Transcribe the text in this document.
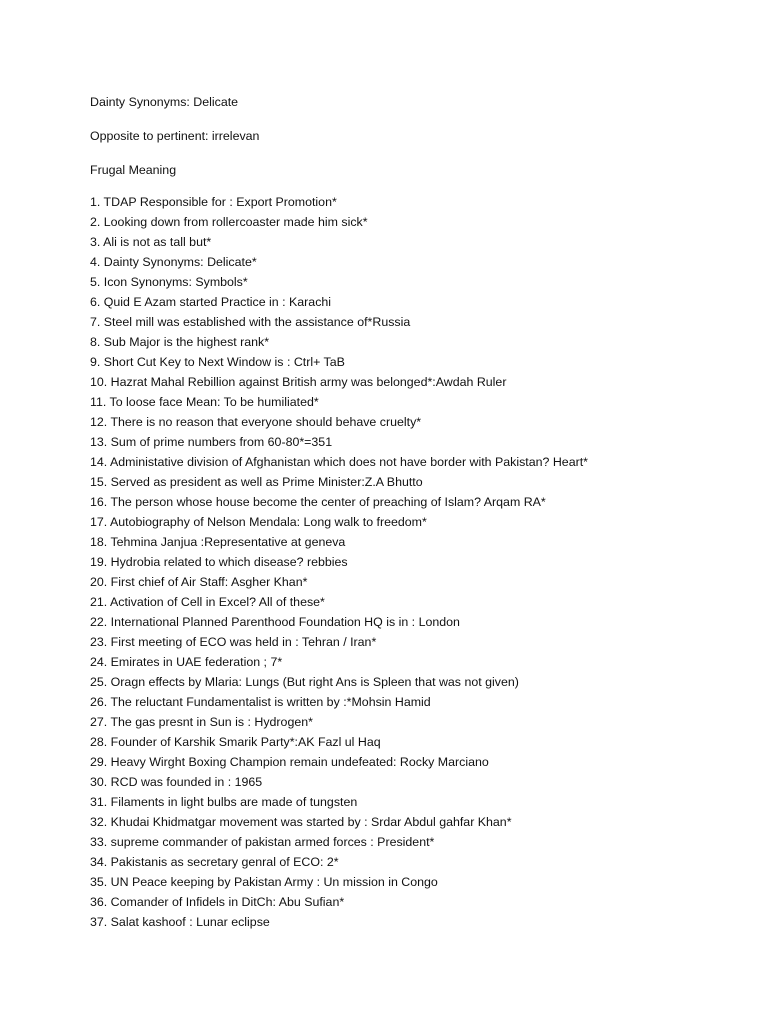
Dainty Synonyms: Delicate

Opposite to pertinent: irrelevan

Frugal Meaning

1. TDAP Responsible for : Export Promotion*
2. Looking down from rollercoaster made him sick*
3. Ali is not as tall but*
4. Dainty Synonyms: Delicate*
5. Icon Synonyms: Symbols*
6. Quid E Azam started Practice in : Karachi
7. Steel mill was established with the assistance of*Russia
8. Sub Major is the highest rank*
9. Short Cut Key to Next Window is : Ctrl+ TaB
10. Hazrat Mahal Rebillion against British army was belonged*:Awdah Ruler
11. To loose face Mean: To be humiliated*
12. There is no reason that everyone should behave cruelty*
13. Sum of prime numbers from 60-80*=351
14. Administative division of Afghanistan which does not have border with Pakistan? Heart*
15. Served as president as well as Prime Minister:Z.A Bhutto
16. The person whose house become the center of preaching of Islam? Arqam RA*
17. Autobiography of Nelson Mendala: Long walk to freedom*
18. Tehmina Janjua :Representative at geneva
19. Hydrobia related to which disease? rebbies
20. First chief of Air Staff: Asgher Khan*
21. Activation of Cell in Excel? All of these*
22. International Planned Parenthood Foundation HQ is in : London
23. First meeting of ECO was held in : Tehran / Iran*
24. Emirates in UAE federation ; 7*
25. Oragn effects by Mlaria: Lungs (But right Ans is Spleen that was not given)
26. The reluctant Fundamentalist is written by :*Mohsin Hamid
27. The gas presnt in Sun is : Hydrogen*
28. Founder of Karshik Smarik Party*:AK Fazl ul Haq
29. Heavy Wirght Boxing Champion remain undefeated: Rocky Marciano
30. RCD was founded in : 1965
31. Filaments in light bulbs are made of tungsten
32. Khudai Khidmatgar movement was started by : Srdar Abdul gahfar Khan*
33. supreme commander of pakistan armed forces : President*
34. Pakistanis as secretary genral of ECO: 2*
35. UN Peace keeping by Pakistan Army : Un mission in Congo
36. Comander of Infidels in DitCh: Abu Sufian*
37. Salat kashoof : Lunar eclipse
